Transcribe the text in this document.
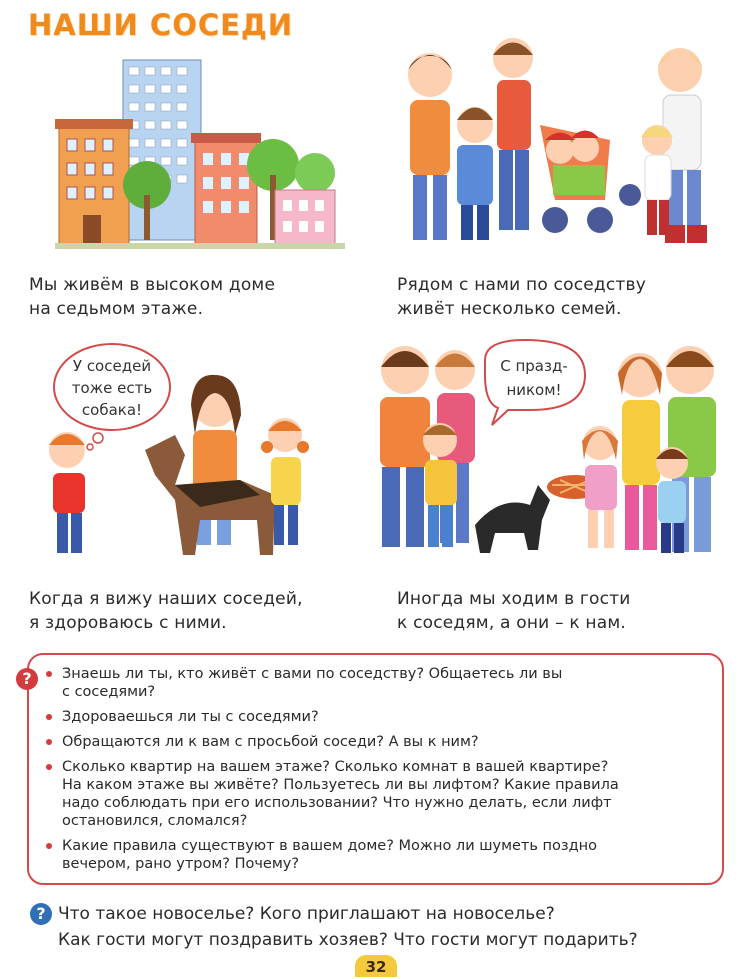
НАШИ СОСЕДИ
Мы живём в высоком доме
на седьмом этаже.
Рядом с нами по соседству
живёт несколько семей.
У соседей
тоже есть
собака!
С празд-
ником!
Когда я вижу наших соседей,
я здороваюсь с ними.
Иногда мы ходим в гости
к соседям, а они – к нам.
?	Знаешь ли ты, кто живёт с вами по соседству? Общаетесь ли вы
с соседями?
Здороваешься ли ты с соседями?
Обращаются ли к вам с просьбой соседи? А вы к ним?
Сколько квартир на вашем этаже? Сколько комнат в вашей квартире?
На каком этаже вы живёте? Пользуетесь ли вы лифтом? Какие правила
надо соблюдать при его использовании? Что нужно делать, если лифт
остановился, сломался?
Какие правила существуют в вашем доме? Можно ли шуметь поздно
вечером, рано утром? Почему?
? Что такое новоселье? Кого приглашают на новоселье?
Как гости могут поздравить хозяев? Что гости могут подарить?
32
